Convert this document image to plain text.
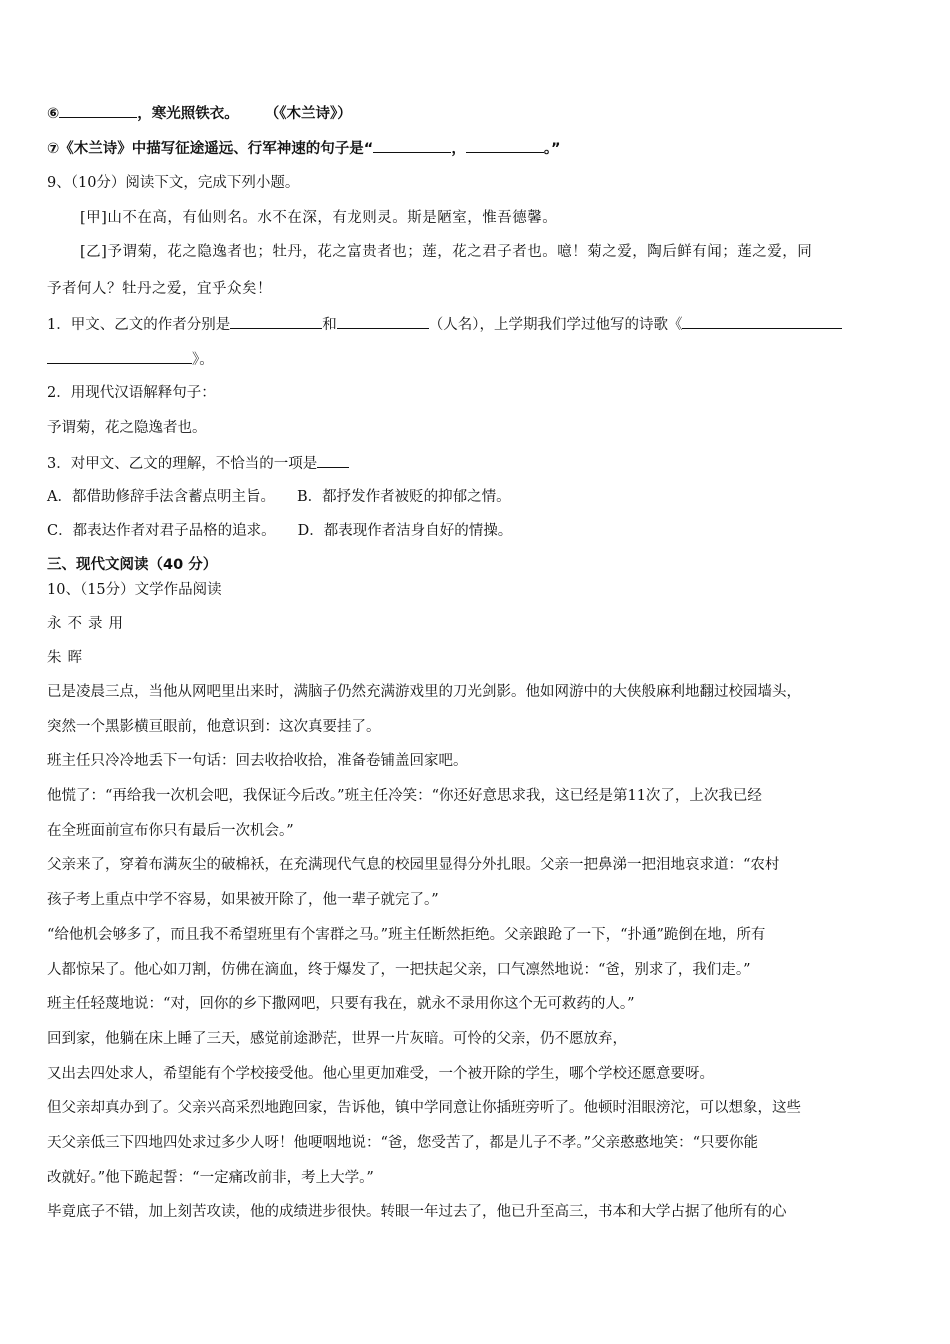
⑥	，寒光照铁衣。 （《木兰诗》）
⑦《木兰诗》中描写征途遥远、行军神速的句子是“	，	。”
9、（10分）阅读下文，完成下列小题。
[甲]山不在高，有仙则名。水不在深，有龙则灵。斯是陋室，惟吾德馨。
[乙]予谓菊，花之隐逸者也；牡丹，花之富贵者也；莲，花之君子者也。噫！菊之爱，陶后鲜有闻；莲之爱，同
予者何人？牡丹之爱，宜乎众矣！
1．甲文、乙文的作者分别是	和	（人名），上学期我们学过他写的诗歌《
》。
2．用现代汉语解释句子：
予谓菊，花之隐逸者也。
3．对甲文、乙文的理解，不恰当的一项是
A．都借助修辞手法含蓄点明主旨。 B．都抒发作者被贬的抑郁之情。
C．都表达作者对君子品格的追求。 D．都表现作者洁身自好的情操。
三、现代文阅读（40 分）
10、（15分）文学作品阅读
永不录用
朱晖
已是凌晨三点，当他从网吧里出来时，满脑子仍然充满游戏里的刀光剑影。他如网游中的大侠般麻利地翻过校园墙头，
突然一个黑影横亘眼前，他意识到：这次真要挂了。
班主任只冷冷地丢下一句话：回去收拾收拾，准备卷铺盖回家吧。
他慌了：“再给我一次机会吧，我保证今后改。”班主任冷笑：“你还好意思求我，这已经是第11次了，上次我已经
在全班面前宣布你只有最后一次机会。”
父亲来了，穿着布满灰尘的破棉袄，在充满现代气息的校园里显得分外扎眼。父亲一把鼻涕一把泪地哀求道：“农村
孩子考上重点中学不容易，如果被开除了，他一辈子就完了。”
“给他机会够多了，而且我不希望班里有个害群之马。”班主任断然拒绝。父亲踉跄了一下，“扑通”跪倒在地，所有
人都惊呆了。他心如刀割，仿佛在滴血，终于爆发了，一把扶起父亲，口气凛然地说：“爸，别求了，我们走。”
班主任轻蔑地说：“对，回你的乡下撒网吧，只要有我在，就永不录用你这个无可救药的人。”
回到家，他躺在床上睡了三天，感觉前途渺茫，世界一片灰暗。可怜的父亲，仍不愿放弃，
又出去四处求人，希望能有个学校接受他。他心里更加难受，一个被开除的学生，哪个学校还愿意要呀。
但父亲却真办到了。父亲兴高采烈地跑回家，告诉他，镇中学同意让你插班旁听了。他顿时泪眼滂沱，可以想象，这些
天父亲低三下四地四处求过多少人呀！他哽咽地说：“爸，您受苦了，都是儿子不孝。”父亲憨憨地笑：“只要你能
改就好。”他下跪起誓：“一定痛改前非，考上大学。”
毕竟底子不错，加上刻苦攻读，他的成绩进步很快。转眼一年过去了，他已升至高三，书本和大学占据了他所有的心
